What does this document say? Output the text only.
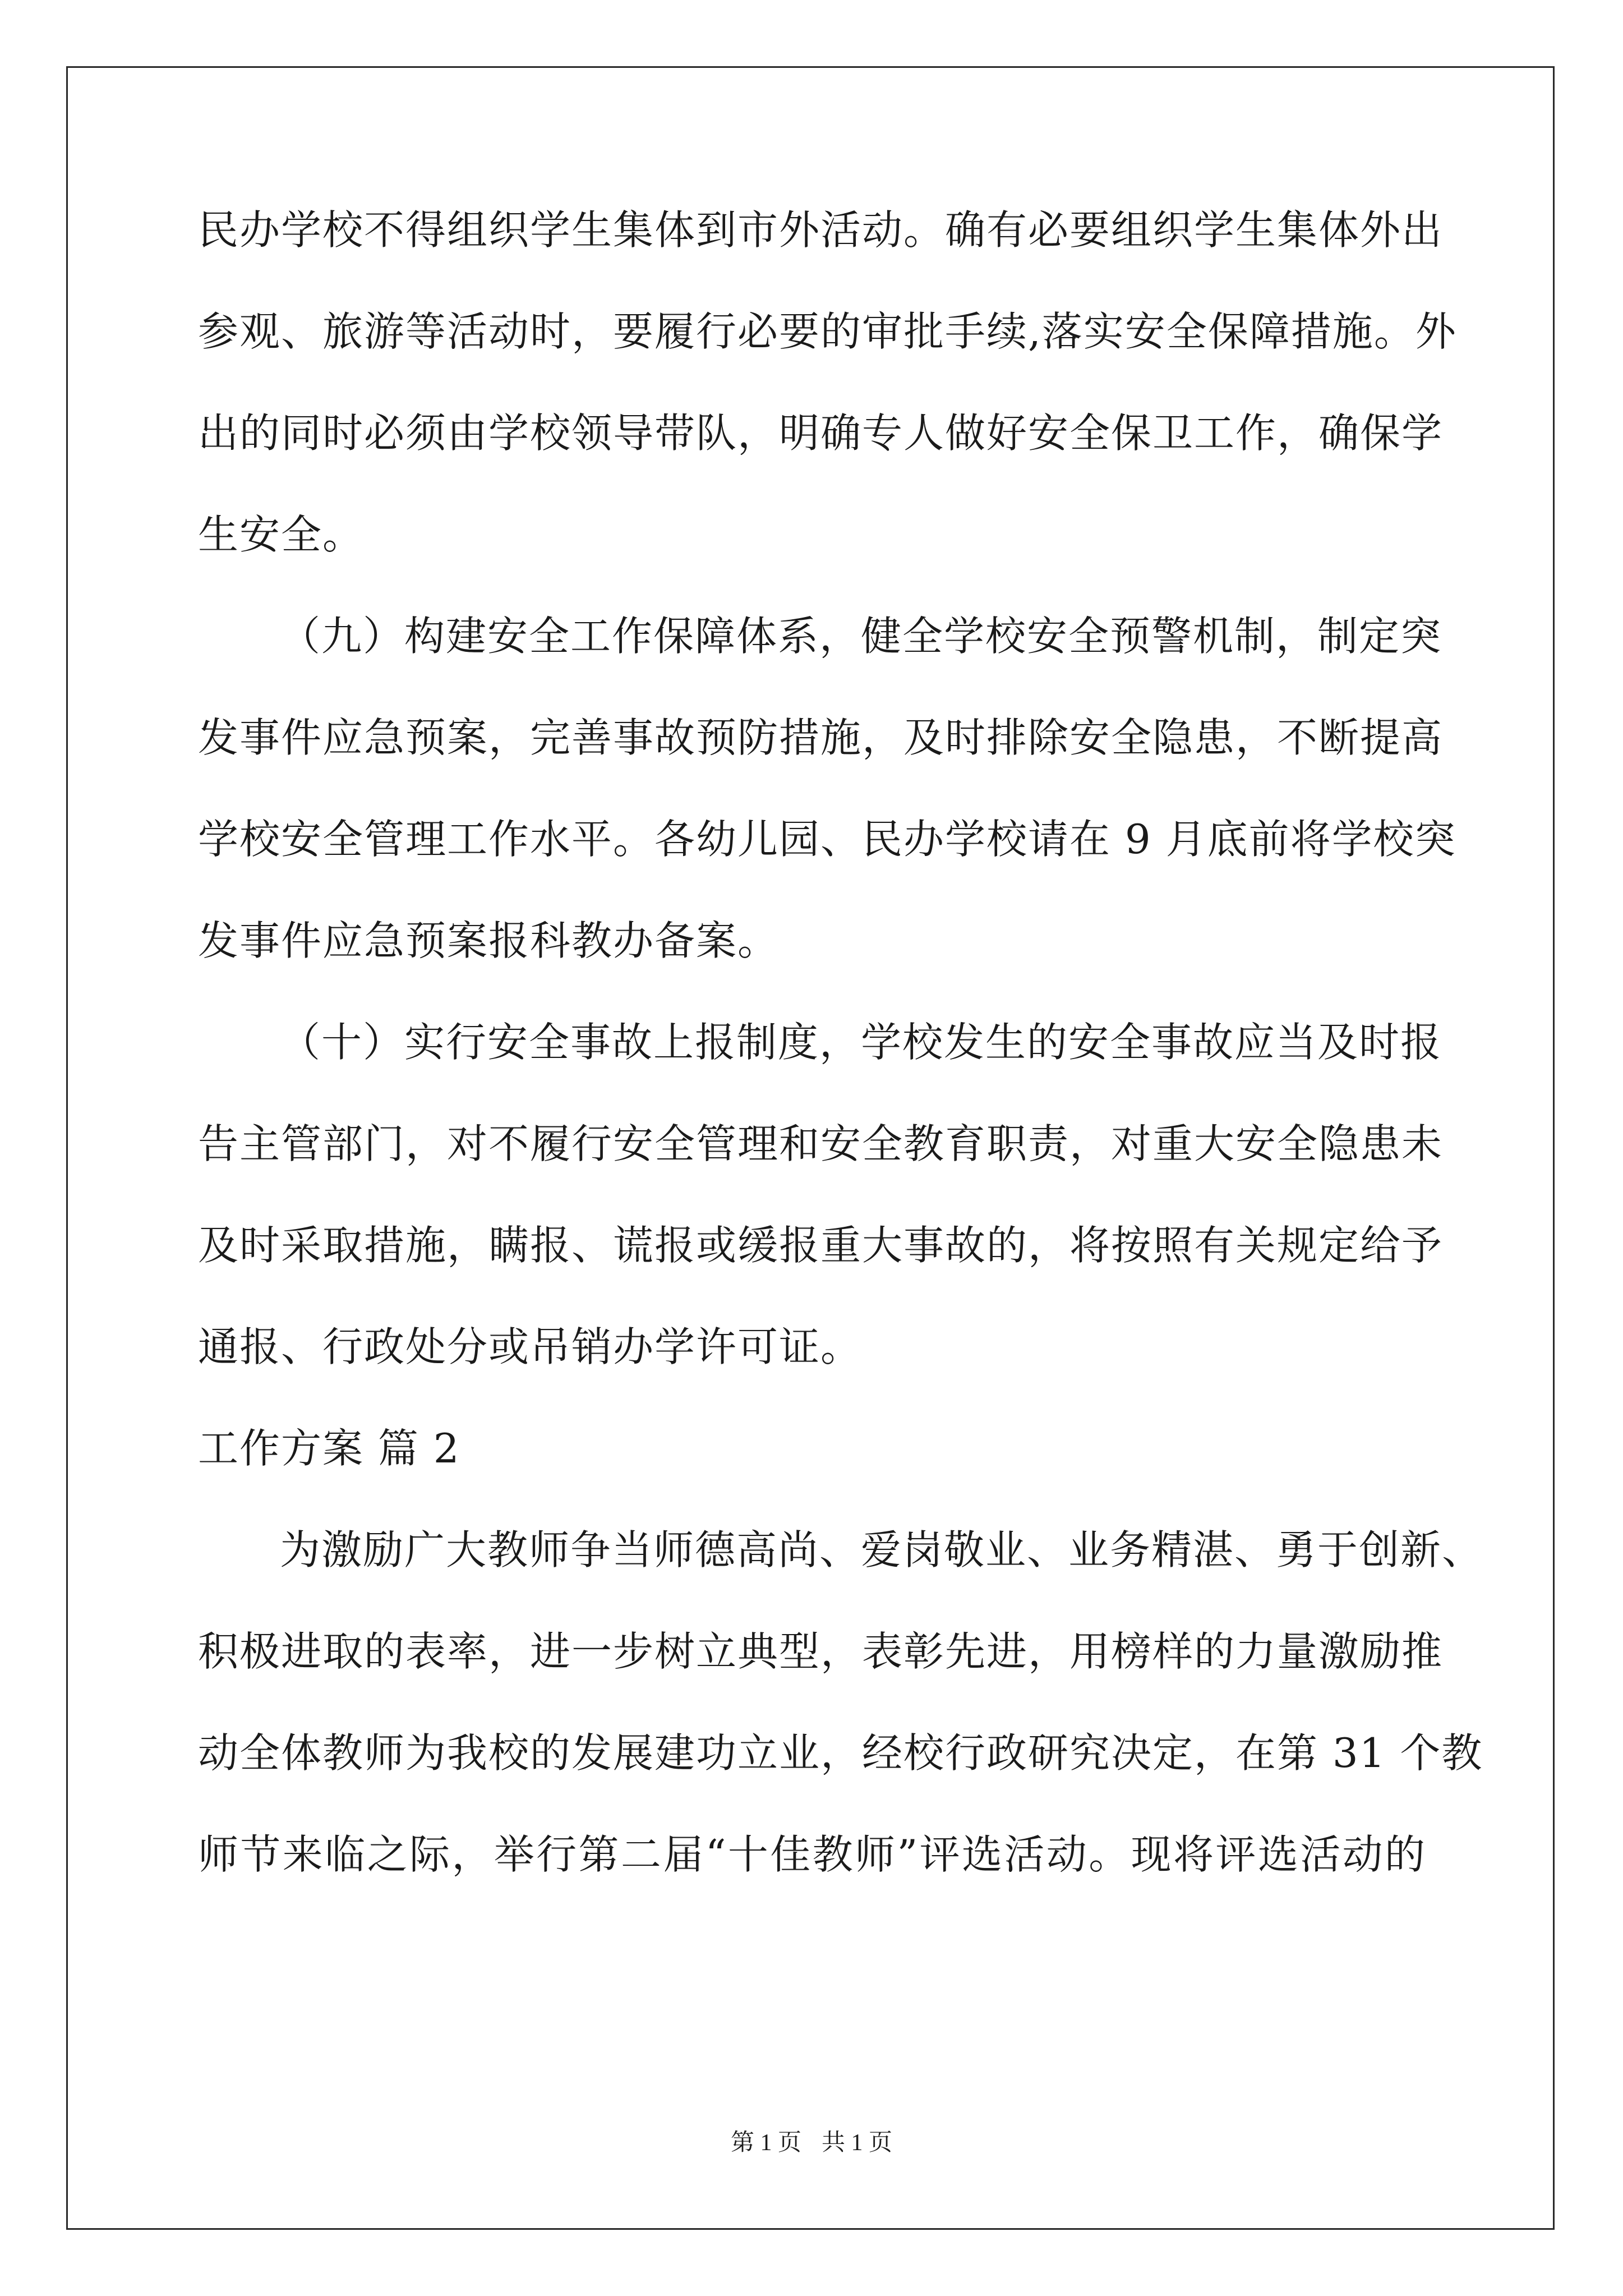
民办学校不得组织学生集体到市外活动。确有必要组织学生集体外出

参观、旅游等活动时，要履行必要的审批手续,落实安全保障措施。外

出的同时必须由学校领导带队，明确专人做好安全保卫工作，确保学

生安全。

（九）构建安全工作保障体系，健全学校安全预警机制，制定突

发事件应急预案，完善事故预防措施，及时排除安全隐患，不断提高

学校安全管理工作水平。各幼儿园、民办学校请在 9 月底前将学校突

发事件应急预案报科教办备案。

（十）实行安全事故上报制度，学校发生的安全事故应当及时报

告主管部门，对不履行安全管理和安全教育职责，对重大安全隐患未

及时采取措施，瞒报、谎报或缓报重大事故的，将按照有关规定给予

通报、行政处分或吊销办学许可证。

工作方案 篇 2

为激励广大教师争当师德高尚、爱岗敬业、业务精湛、勇于创新、

积极进取的表率，进一步树立典型，表彰先进，用榜样的力量激励推

动全体教师为我校的发展建功立业，经校行政研究决定，在第 31 个教

师节来临之际，举行第二届“十佳教师”评选活动。现将评选活动的

第 1 页 共 1 页
